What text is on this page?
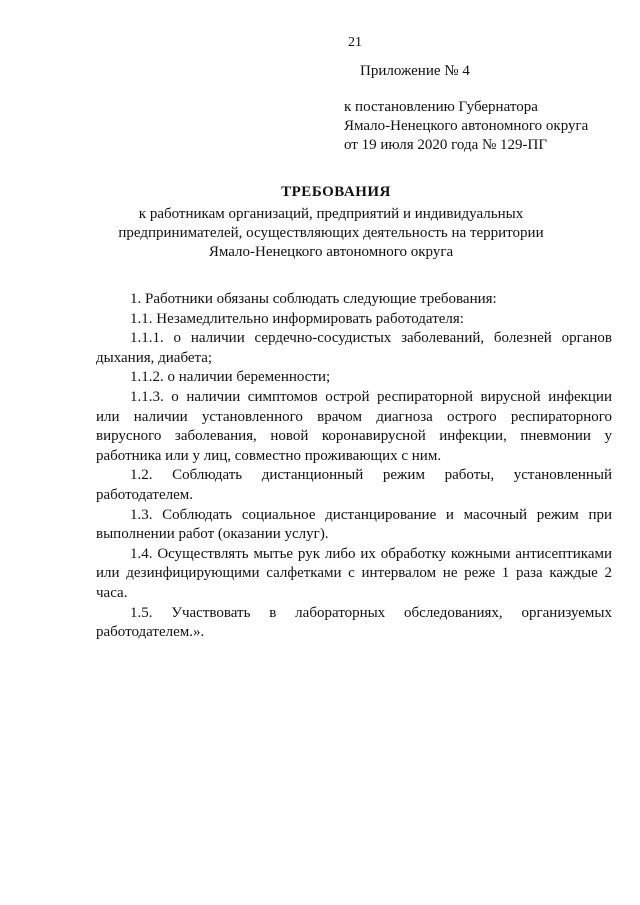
21
Приложение № 4
к постановлению Губернатора
Ямало-Ненецкого автономного округа
от 19 июля 2020 года № 129-ПГ
ТРЕБОВАНИЯ
к работникам организаций, предприятий и индивидуальных предпринимателей, осуществляющих деятельность на территории Ямало-Ненецкого автономного округа

1. Работники обязаны соблюдать следующие требования:

1.1. Незамедлительно информировать работодателя:

1.1.1. о наличии сердечно-сосудистых заболеваний, болезней органов дыхания, диабета;

1.1.2. о наличии беременности;

1.1.3. о наличии симптомов острой респираторной вирусной инфекции или наличии установленного врачом диагноза острого респираторного вирусного заболевания, новой коронавирусной инфекции, пневмонии у работника или у лиц, совместно проживающих с ним.

1.2. Соблюдать дистанционный режим работы, установленный работодателем.

1.3. Соблюдать социальное дистанцирование и масочный режим при выполнении работ (оказании услуг).

1.4. Осуществлять мытье рук либо их обработку кожными антисептиками или дезинфицирующими салфетками с интервалом не реже 1 раза каждые 2 часа.

1.5. Участвовать в лабораторных обследованиях, организуемых работодателем.».
